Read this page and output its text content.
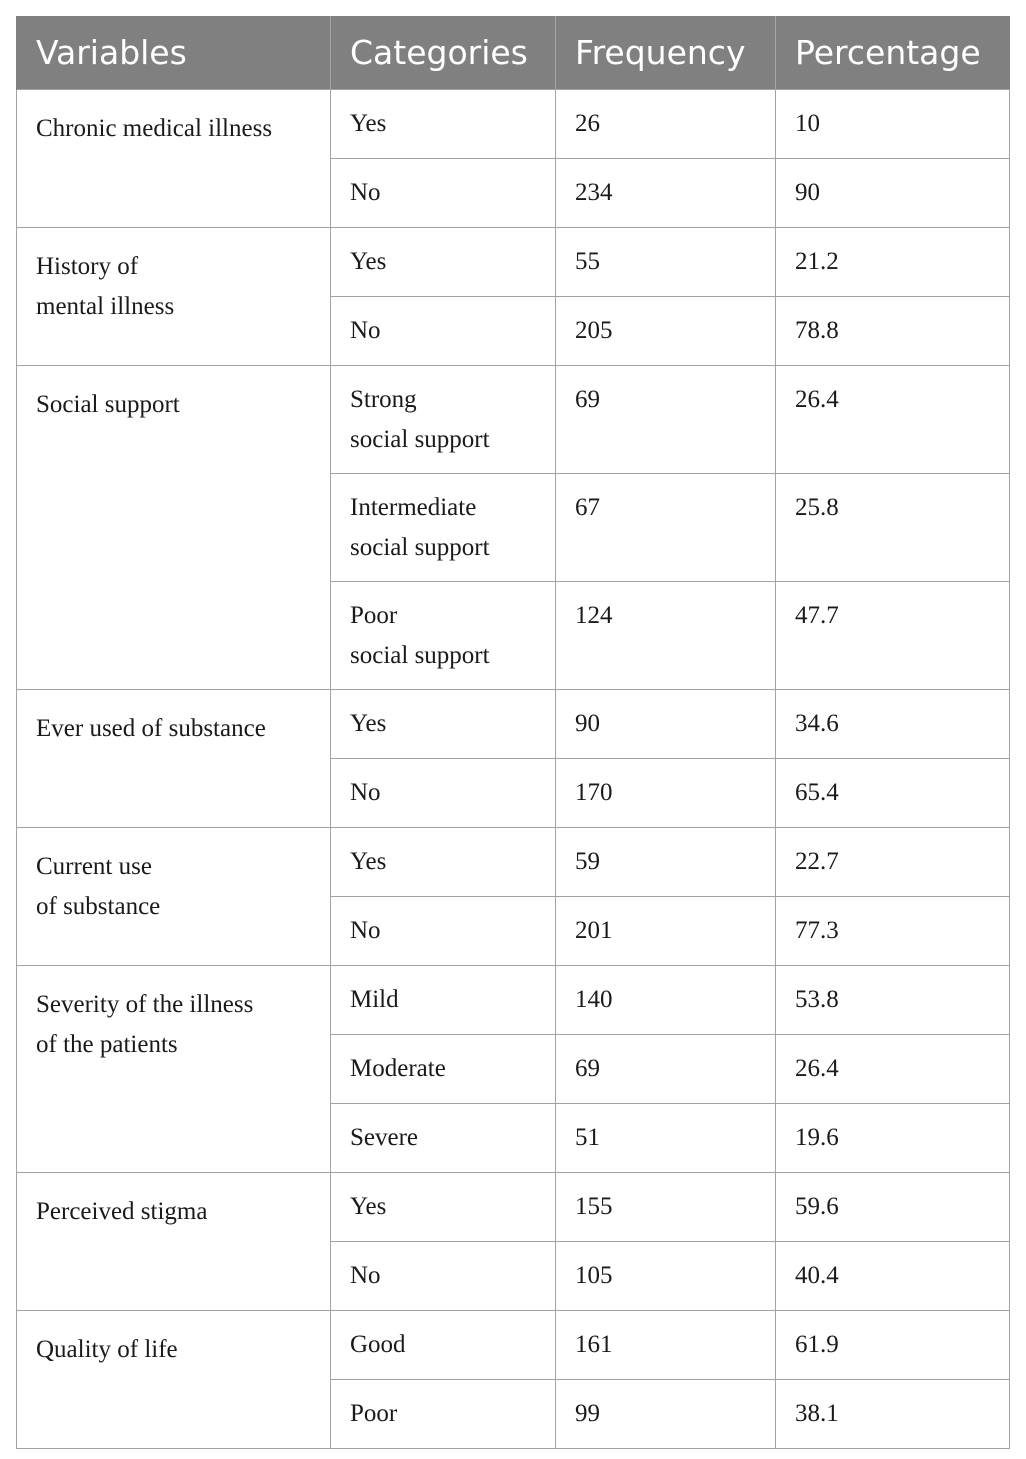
Variables	Categories	Frequency	Percentage

Chronic medical illness	Yes	26	10

	No	234	90

History of
mental illness	Yes	55	21.2

	No	205	78.8

Social support	Strong
social support	69	26.4

	Intermediate
social support	67	25.8

	Poor
social support	124	47.7

Ever used of substance	Yes	90	34.6

	No	170	65.4

Current use
of substance	Yes	59	22.7

	No	201	77.3

Severity of the illness
of the patients	Mild	140	53.8

	Moderate	69	26.4

	Severe	51	19.6

Perceived stigma	Yes	155	59.6

	No	105	40.4

Quality of life	Good	161	61.9

	Poor	99	38.1
